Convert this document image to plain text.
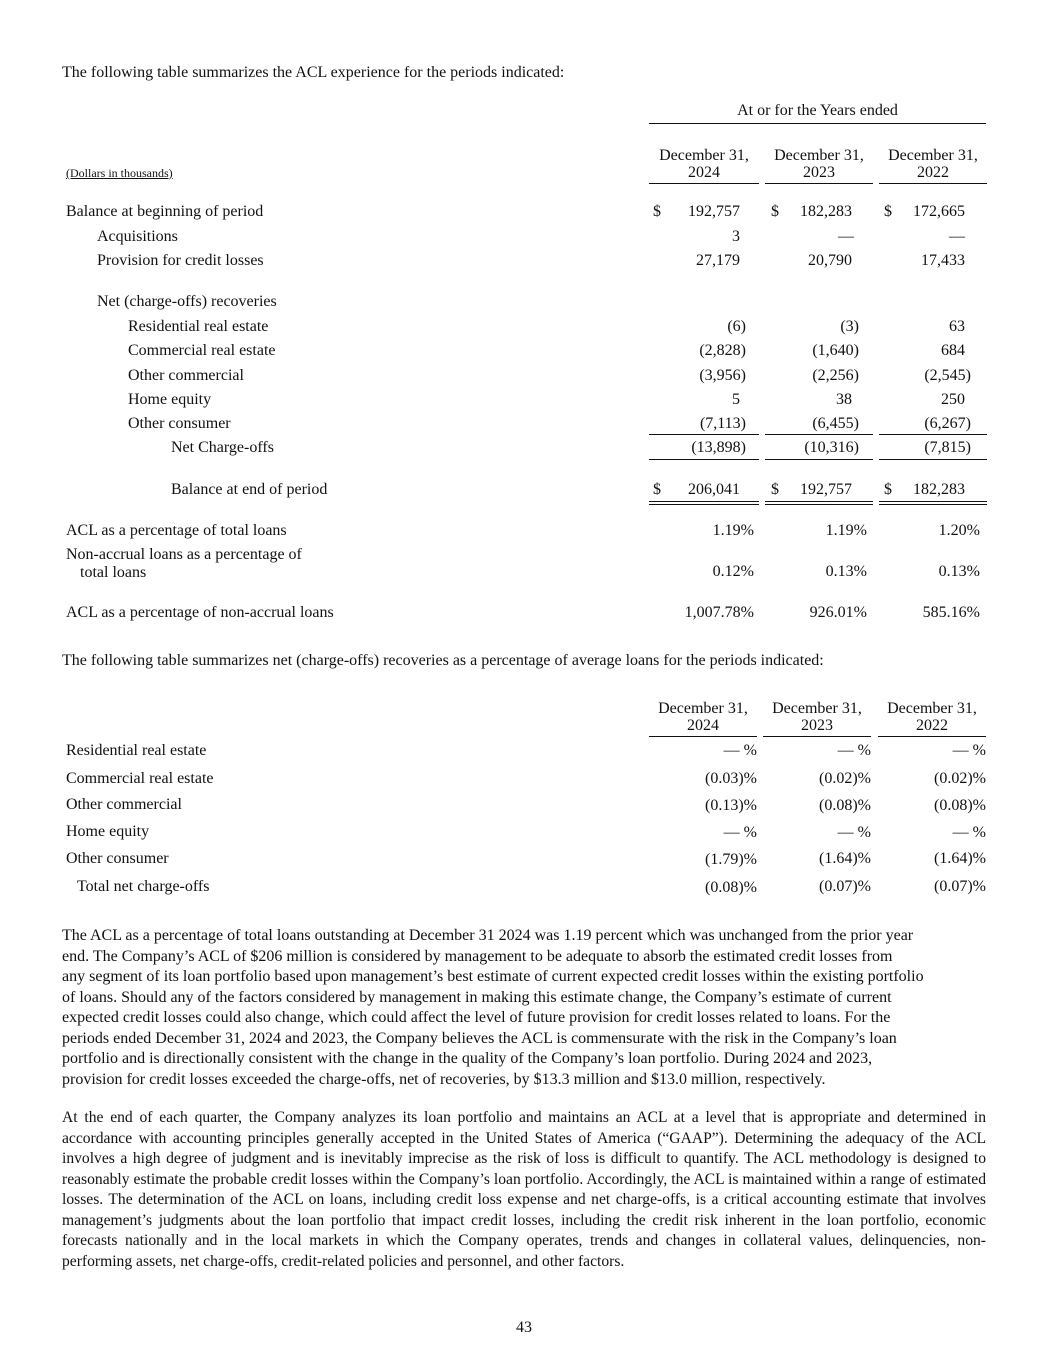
The following table summarizes the ACL experience for the periods indicated:
At or for the Years ended
(Dollars in thousands)
December 31,
2024
December 31,
2023
December 31,
2022
Balance at beginning of period	$ 192,757 $ 182,283 $ 172,665
Acquisitions	3	—	—
Provision for credit losses	27,179	20,790	17,433
Net (charge-offs) recoveries
Residential real estate	(6)	(3)	63
Commercial real estate	(2,828)	(1,640)	684
Other commercial	(3,956)	(2,256)	(2,545)
Home equity	5	38	250
Other consumer	(7,113)	(6,455)	(6,267)
Net Charge-offs	(13,898)	(10,316)	(7,815)
Balance at end of period	$ 206,041 $ 192,757 $ 182,283
ACL as a percentage of total loans	1.19%	1.19%	1.20%
Non-accrual loans as a percentage of
total loans	0.12%	0.13%	0.13%
ACL as a percentage of non-accrual loans	1,007.78%	926.01%	585.16%
The following table summarizes net (charge-offs) recoveries as a percentage of average loans for the periods indicated:
December 31,
2024
December 31,
2023
December 31,
2022
Residential real estate	— %	— %	— %
Commercial real estate	(0.03)%	(0.02)%	(0.02)%
Other commercial	(0.13)%	(0.08)%	(0.08)%
Home equity	— %	— %	— %
Other consumer	(1.79)%	(1.64)%	(1.64)%
Total net charge-offs	(0.08)%	(0.07)%	(0.07)%
The ACL as a percentage of total loans outstanding at December 31 2024 was 1.19 percent which was unchanged from the prior year
end. The Company’s ACL of $206 million is considered by management to be adequate to absorb the estimated credit losses from
any segment of its loan portfolio based upon management’s best estimate of current expected credit losses within the existing portfolio
of loans. Should any of the factors considered by management in making this estimate change, the Company’s estimate of current
expected credit losses could also change, which could affect the level of future provision for credit losses related to loans. For the
periods ended December 31, 2024 and 2023, the Company believes the ACL is commensurate with the risk in the Company’s loan
portfolio and is directionally consistent with the change in the quality of the Company’s loan portfolio. During 2024 and 2023,
provision for credit losses exceeded the charge-offs, net of recoveries, by $13.3 million and $13.0 million, respectively.
At the end of each quarter, the Company analyzes its loan portfolio and maintains an ACL at a level that is appropriate and determined in accordance with accounting principles generally accepted in the United States of America (“GAAP”). Determining the adequacy of the ACL involves a high degree of judgment and is inevitably imprecise as the risk of loss is difficult to quantify. The ACL methodology is designed to reasonably estimate the probable credit losses within the Company’s loan portfolio. Accordingly, the ACL is maintained within a range of estimated losses. The determination of the ACL on loans, including credit loss expense and net charge-offs, is a critical accounting estimate that involves management’s judgments about the loan portfolio that impact credit losses, including the credit risk inherent in the loan portfolio, economic forecasts nationally and in the local markets in which the Company operates, trends and changes in collateral values, delinquencies, non-performing assets, net charge-offs, credit-related policies and personnel, and other factors.
43
